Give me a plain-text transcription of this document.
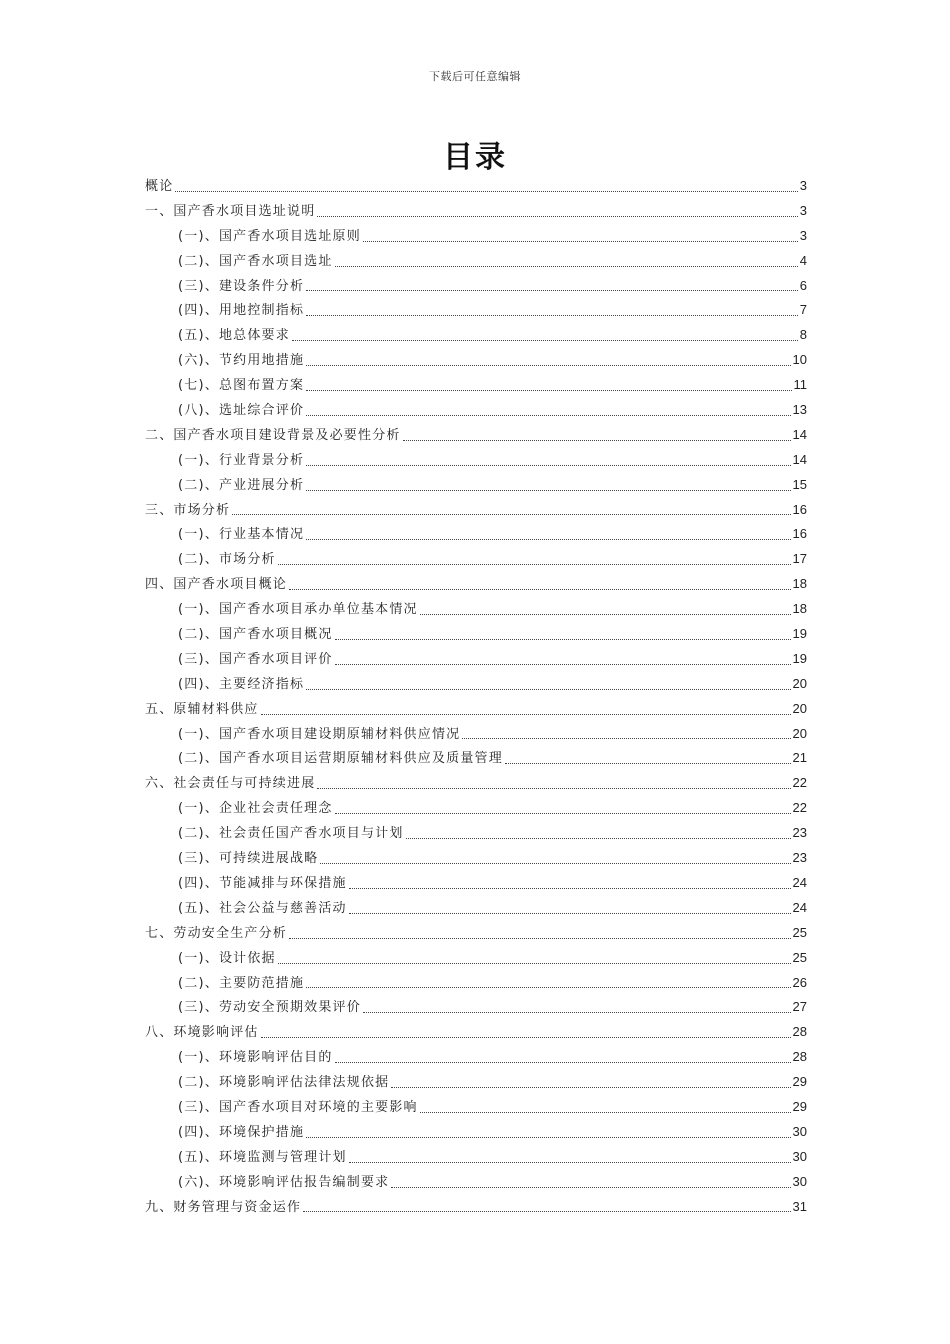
下载后可任意编辑
目录
概论	3
一、国产香水项目选址说明	3
(一)、国产香水项目选址原则	3
(二)、国产香水项目选址	4
(三)、建设条件分析	6
(四)、用地控制指标	7
(五)、地总体要求	8
(六)、节约用地措施	10
(七)、总图布置方案	11
(八)、选址综合评价	13
二、国产香水项目建设背景及必要性分析	14
(一)、行业背景分析	14
(二)、产业进展分析	15
三、市场分析	16
(一)、行业基本情况	16
(二)、市场分析	17
四、国产香水项目概论	18
(一)、国产香水项目承办单位基本情况	18
(二)、国产香水项目概况	19
(三)、国产香水项目评价	19
(四)、主要经济指标	20
五、原辅材料供应	20
(一)、国产香水项目建设期原辅材料供应情况	20
(二)、国产香水项目运营期原辅材料供应及质量管理	21
六、社会责任与可持续进展	22
(一)、企业社会责任理念	22
(二)、社会责任国产香水项目与计划	23
(三)、可持续进展战略	23
(四)、节能减排与环保措施	24
(五)、社会公益与慈善活动	24
七、劳动安全生产分析	25
(一)、设计依据	25
(二)、主要防范措施	26
(三)、劳动安全预期效果评价	27
八、环境影响评估	28
(一)、环境影响评估目的	28
(二)、环境影响评估法律法规依据	29
(三)、国产香水项目对环境的主要影响	29
(四)、环境保护措施	30
(五)、环境监测与管理计划	30
(六)、环境影响评估报告编制要求	30
九、财务管理与资金运作	31
